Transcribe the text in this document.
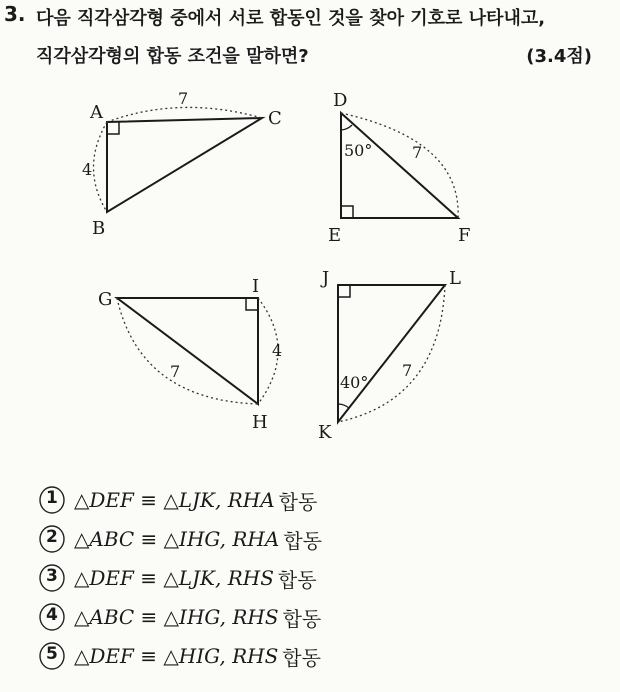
3. 다음 직각삼각형 중에서 서로 합동인 것을 찾아 기호로 나타내고,
직각삼각형의 합동 조건을 말하면?	(3.4점)
A
B
C
7
4
D
E	F
50° 7
G
I
H
7
4
J	L
K
40°
7
1 △DEF ≡ △LJK, RHA 합동
2 △ABC ≡ △IHG, RHA 합동
3 △DEF ≡ △LJK, RHS 합동
4 △ABC ≡ △IHG, RHS 합동
5 △DEF ≡ △HIG, RHS 합동
